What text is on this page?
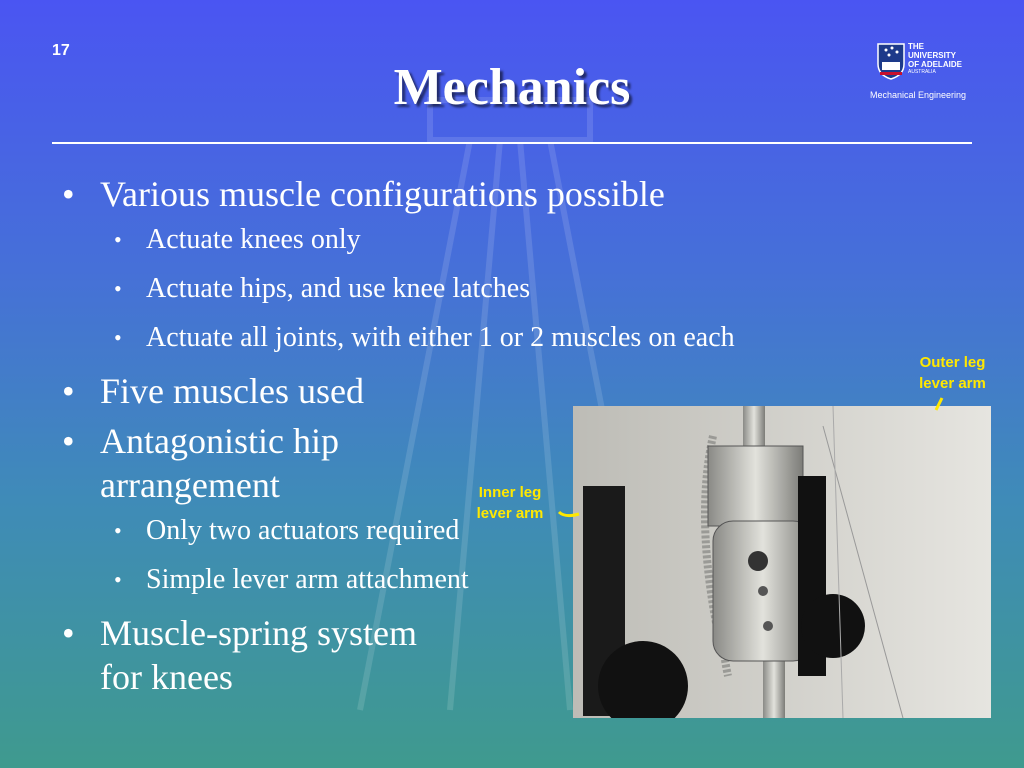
17
Mechanics
THE UNIVERSITY
OF ADELAIDE
AUSTRALIA
Mechanical Engineering
• Various muscle configurations possible
• Actuate knees only
• Actuate hips, and use knee latches
• Actuate all joints, with either 1 or 2 muscles on each
• Five muscles used
• Antagonistic hip
arrangement
• Only two actuators required
• Simple lever arm attachment
• Muscle-spring system
for knees
Outer leg
lever arm
Inner leg
lever arm
